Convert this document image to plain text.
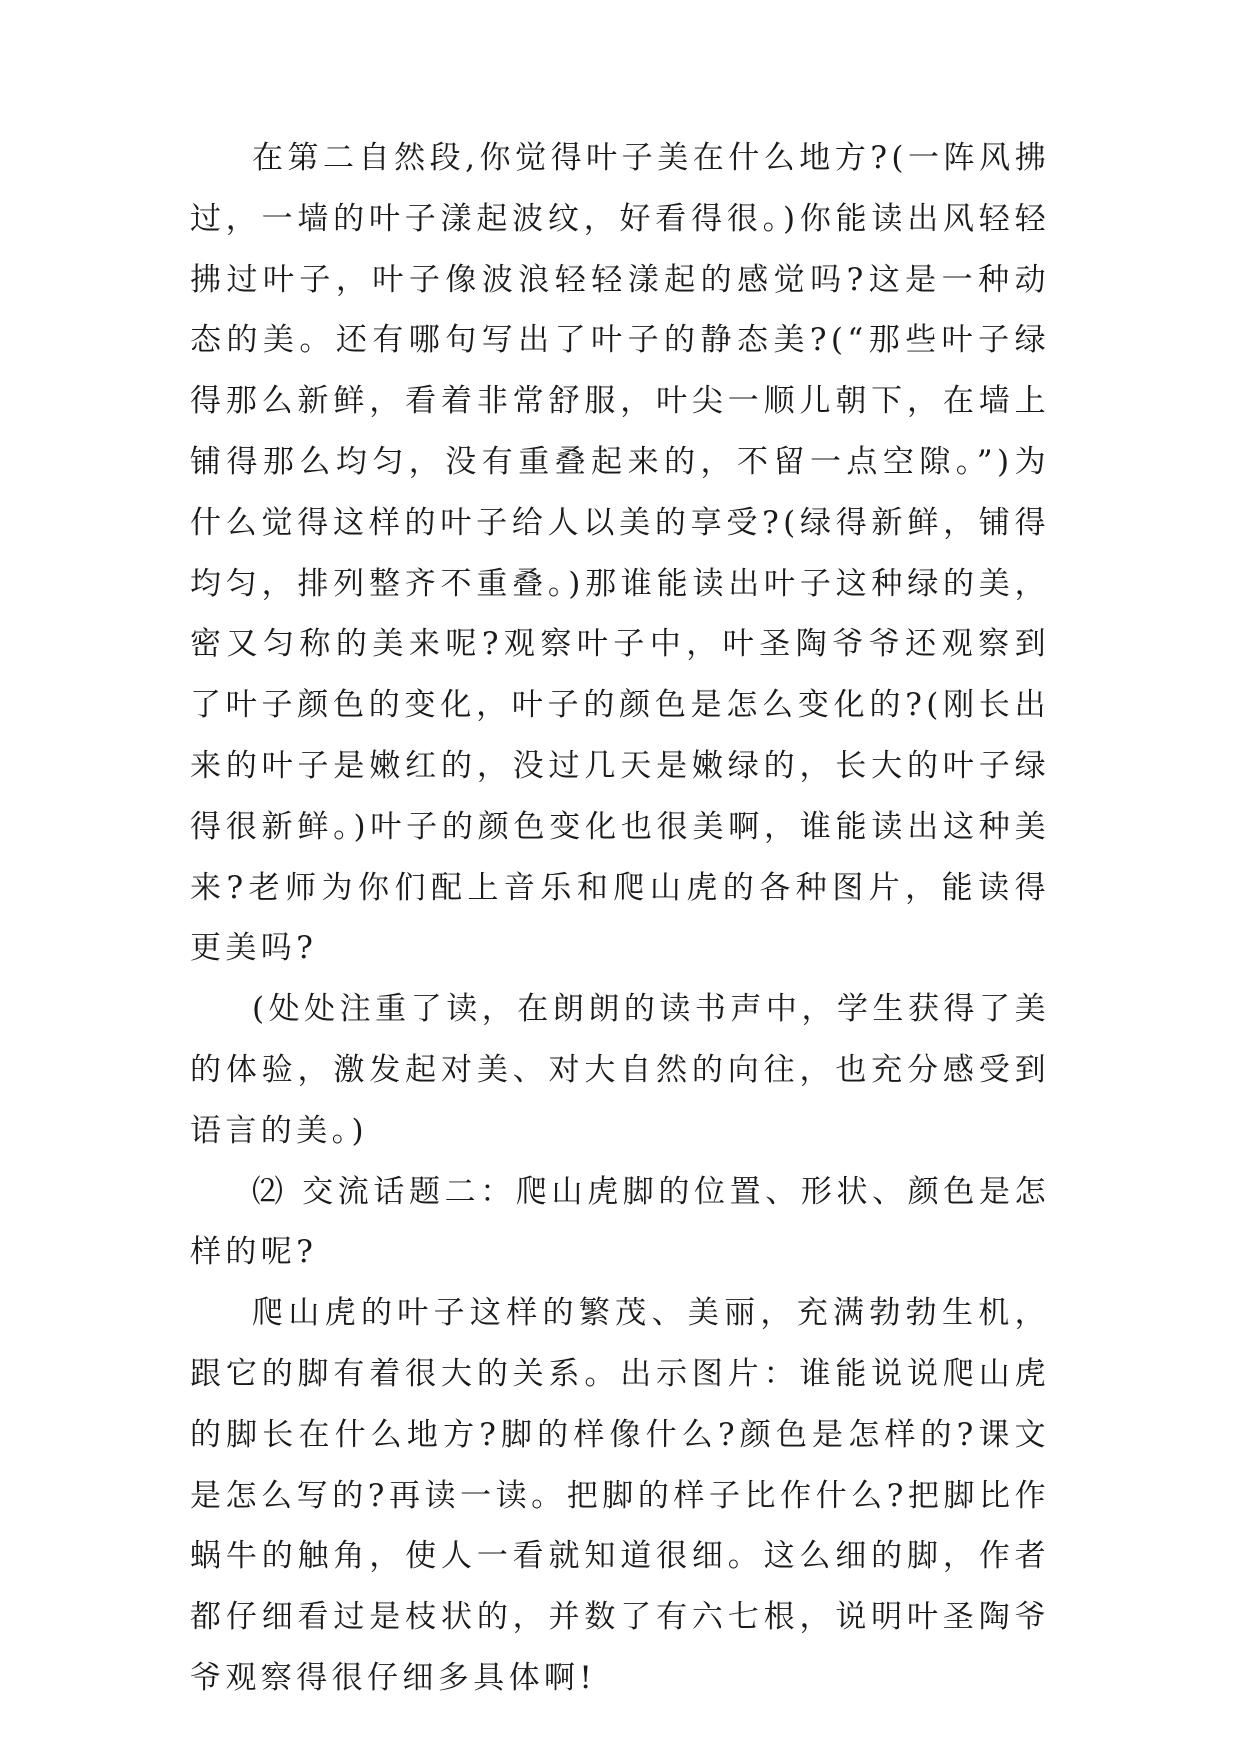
在第二自然段,你觉得叶子美在什么地方?(一阵风拂过，一墙的叶子漾起波纹，好看得很。)你能读出风轻轻拂过叶子，叶子像波浪轻轻漾起的感觉吗?这是一种动态的美。还有哪句写出了叶子的静态美?(“那些叶子绿得那么新鲜，看着非常舒服，叶尖一顺儿朝下，在墙上铺得那么均匀，没有重叠起来的，不留一点空隙。”)为什么觉得这样的叶子给人以美的享受?(绿得新鲜，铺得均匀，排列整齐不重叠。)那谁能读出叶子这种绿的美，密又匀称的美来呢?观察叶子中，叶圣陶爷爷还观察到了叶子颜色的变化，叶子的颜色是怎么变化的?(刚长出来的叶子是嫩红的，没过几天是嫩绿的，长大的叶子绿得很新鲜。)叶子的颜色变化也很美啊，谁能读出这种美来?老师为你们配上音乐和爬山虎的各种图片，能读得更美吗?

(处处注重了读，在朗朗的读书声中，学生获得了美的体验，激发起对美、对大自然的向往，也充分感受到语言的美。)

⑵ 交流话题二：爬山虎脚的位置、形状、颜色是怎样的呢?

爬山虎的叶子这样的繁茂、美丽，充满勃勃生机，跟它的脚有着很大的关系。出示图片：谁能说说爬山虎的脚长在什么地方?脚的样像什么?颜色是怎样的?课文是怎么写的?再读一读。把脚的样子比作什么?把脚比作蜗牛的触角，使人一看就知道很细。这么细的脚，作者都仔细看过是枝状的，并数了有六七根，说明叶圣陶爷爷观察得很仔细多具体啊!
